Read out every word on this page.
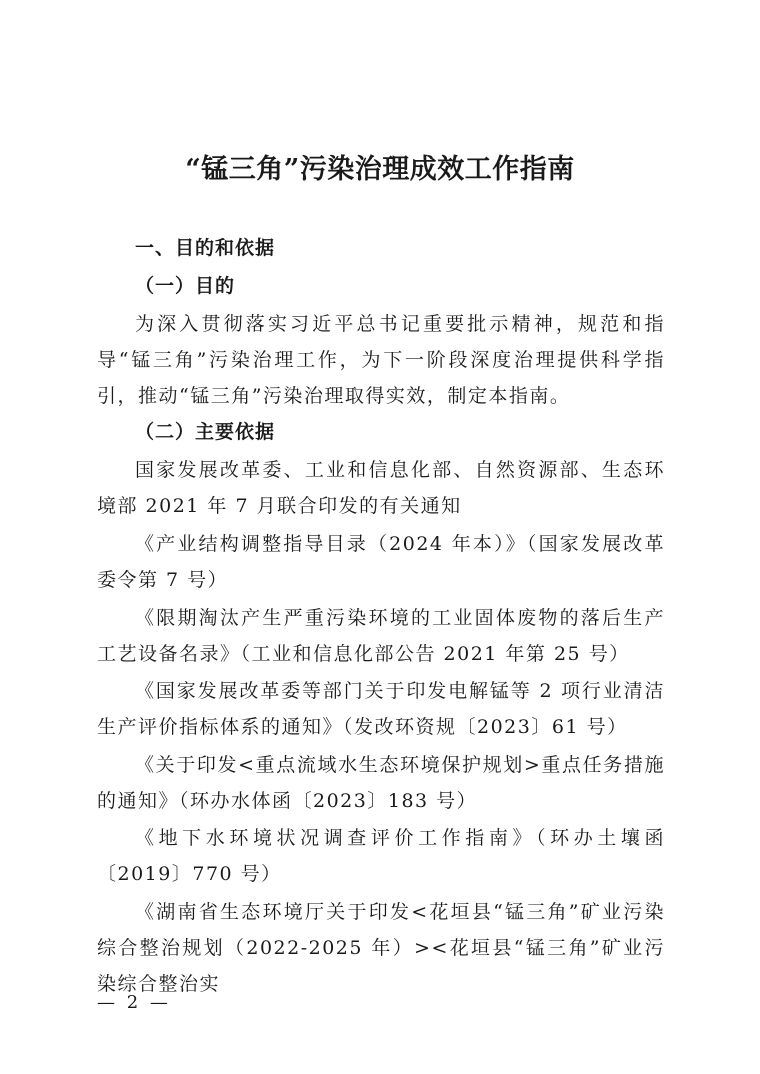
“锰三角”污染治理成效工作指南

一、目的和依据

（一）目的

为深入贯彻落实习近平总书记重要批示精神，规范和指导“锰三角”污染治理工作，为下一阶段深度治理提供科学指引，推动“锰三角”污染治理取得实效，制定本指南。

（二）主要依据

国家发展改革委、工业和信息化部、自然资源部、生态环境部 2021 年 7 月联合印发的有关通知

《产业结构调整指导目录（2024 年本）》（国家发展改革委令第 7 号）

《限期淘汰产生严重污染环境的工业固体废物的落后生产工艺设备名录》（工业和信息化部公告 2021 年第 25 号）

《国家发展改革委等部门关于印发电解锰等 2 项行业清洁生产评价指标体系的通知》（发改环资规〔2023〕61 号）

《关于印发<重点流域水生态环境保护规划>重点任务措施的通知》（环办水体函〔2023〕183 号）

《地下水环境状况调查评价工作指南》（环办土壤函〔2019〕770 号）

《湖南省生态环境厅关于印发<花垣县“锰三角”矿业污染综合整治规划（2022-2025 年）><花垣县“锰三角”矿业污染综合整治实

— 2 —
